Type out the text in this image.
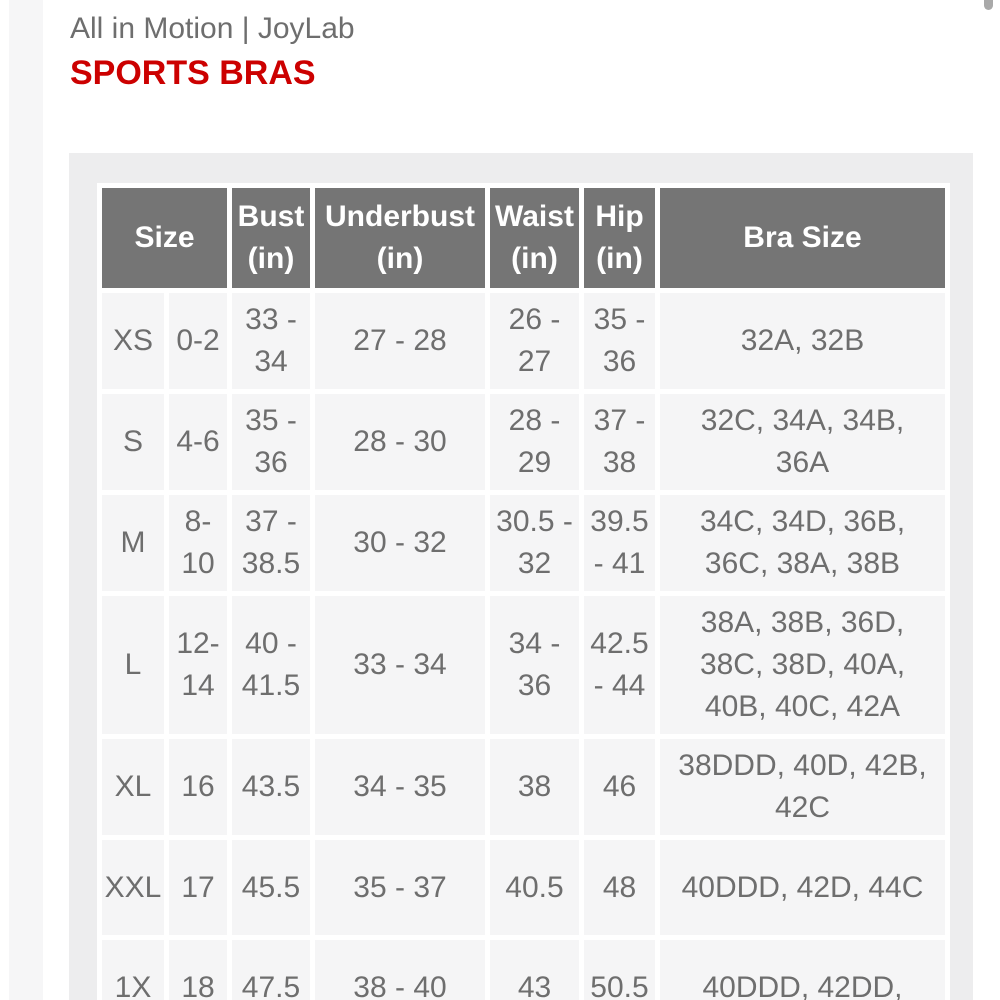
All in Motion | JoyLab
SPORTS BRAS
Size		Bust (in)	Underbust (in)	Waist (in)	Hip (in)	Bra Size
XS	0-2	33 - 34	27 - 28	26 - 27	35 - 36	32A, 32B
S	4-6	35 - 36	28 - 30	28 - 29	37 - 38	32C, 34A, 34B, 36A
M	8-10	37 - 38.5	30 - 32	30.5 - 32	39.5 - 41	34C, 34D, 36B, 36C, 38A, 38B
L	12-14	40 - 41.5	33 - 34	34 - 36	42.5 - 44	38A, 38B, 36D, 38C, 38D, 40A, 40B, 40C, 42A
XL	16	43.5	34 - 35	38	46	38DDD, 40D, 42B, 42C
XXL	17	45.5	35 - 37	40.5	48	40DDD, 42D, 44C
1X	18	47.5	38 - 40	43	50.5	40DDD, 42DD,
